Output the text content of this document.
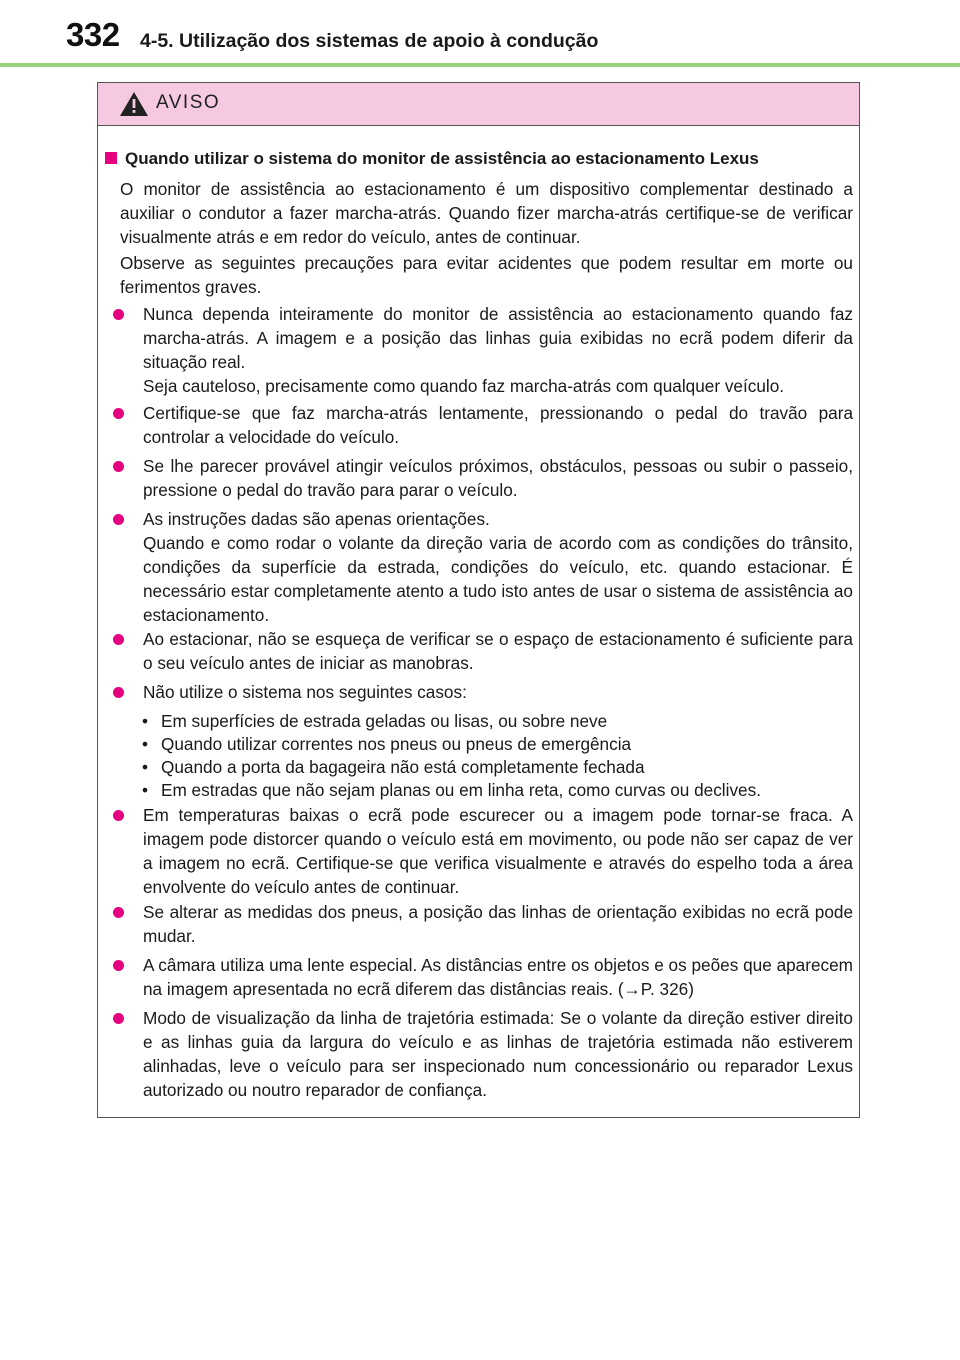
332 4-5. Utilização dos sistemas de apoio à condução
AVISO
Quando utilizar o sistema do monitor de assistência ao estacionamento Lexus
O monitor de assistência ao estacionamento é um dispositivo complementar destinado a auxiliar o condutor a fazer marcha-atrás. Quando fizer marcha-atrás certifique-se de verificar visualmente atrás e em redor do veículo, antes de continuar.
Observe as seguintes precauções para evitar acidentes que podem resultar em morte ou ferimentos graves.
Nunca dependa inteiramente do monitor de assistência ao estacionamento quando faz marcha-atrás. A imagem e a posição das linhas guia exibidas no ecrã podem diferir da situação real.
Seja cauteloso, precisamente como quando faz marcha-atrás com qualquer veículo.
Certifique-se que faz marcha-atrás lentamente, pressionando o pedal do travão para controlar a velocidade do veículo.
Se lhe parecer provável atingir veículos próximos, obstáculos, pessoas ou subir o passeio, pressione o pedal do travão para parar o veículo.
As instruções dadas são apenas orientações.
Quando e como rodar o volante da direção varia de acordo com as condições do trânsito, condições da superfície da estrada, condições do veículo, etc. quando estacionar. É necessário estar completamente atento a tudo isto antes de usar o sistema de assistência ao estacionamento.
Ao estacionar, não se esqueça de verificar se o espaço de estacionamento é suficiente para o seu veículo antes de iniciar as manobras.
Não utilize o sistema nos seguintes casos:
• Em superfícies de estrada geladas ou lisas, ou sobre neve
• Quando utilizar correntes nos pneus ou pneus de emergência
• Quando a porta da bagageira não está completamente fechada
• Em estradas que não sejam planas ou em linha reta, como curvas ou declives.
Em temperaturas baixas o ecrã pode escurecer ou a imagem pode tornar-se fraca. A imagem pode distorcer quando o veículo está em movimento, ou pode não ser capaz de ver a imagem no ecrã. Certifique-se que verifica visualmente e através do espelho toda a área envolvente do veículo antes de continuar.
Se alterar as medidas dos pneus, a posição das linhas de orientação exibidas no ecrã pode mudar.
A câmara utiliza uma lente especial. As distâncias entre os objetos e os peões que aparecem na imagem apresentada no ecrã diferem das distâncias reais. (→P. 326)
Modo de visualização da linha de trajetória estimada: Se o volante da direção estiver direito e as linhas guia da largura do veículo e as linhas de trajetória estimada não estiverem alinhadas, leve o veículo para ser inspecionado num concessionário ou reparador Lexus autorizado ou noutro reparador de confiança.
